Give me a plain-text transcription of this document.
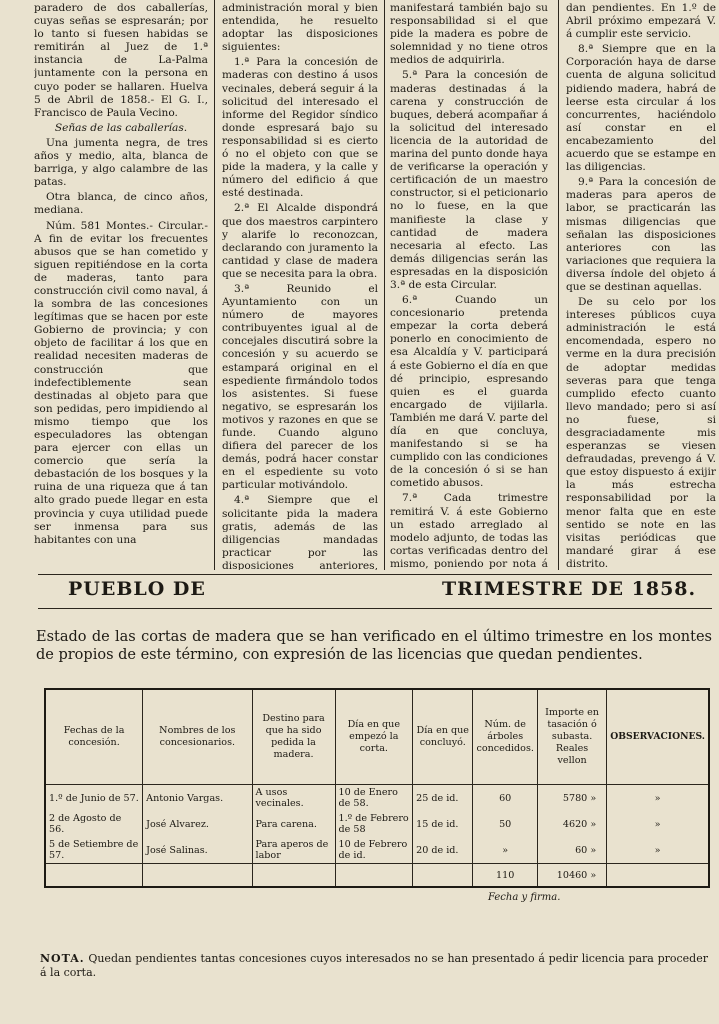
paradero de dos caballerías, cuyas señas se espresarán; por lo tanto si fuesen habidas se remitirán al Juez de 1.ª instancia de La-Palma juntamente con la persona en cuyo poder se hallaren. Huelva 5 de Abril de 1858.- El G. I., Francisco de Paula Vecino.

Señas de las caballerías.

Una jumenta negra, de tres años y medio, alta, blanca de barriga, y algo calambre de las patas.

Otra blanca, de cinco años, mediana.

Núm. 581 Montes.- Circular.- A fin de evitar los frecuentes abusos que se han cometido y siguen repitiéndose en la corta de maderas, tanto para construcción civil como naval, á la sombra de las concesiones legítimas que se hacen por este Gobierno de provincia; y con objeto de facilitar á los que en realidad necesiten maderas de construcción que indefectiblemente sean destinadas al objeto para que son pedidas, pero impidiendo al mismo tiempo que los especuladores las obtengan para ejercer con ellas un comercio que sería la debastación de los bosques y la ruina de una riqueza que á tan alto grado puede llegar en esta provincia y cuya utilidad puede ser inmensa para sus habitantes con una

administración moral y bien entendida, he resuelto adoptar las disposiciones siguientes:

1.ª Para la concesión de maderas con destino á usos vecinales, deberá seguir á la solicitud del interesado el informe del Regidor síndico donde espresará bajo su responsabilidad si es cierto ó no el objeto con que se pide la madera, y la calle y número del edificio á que esté destinada.

2.ª El Alcalde dispondrá que dos maestros carpintero y alarife lo reconozcan, declarando con juramento la cantidad y clase de madera que se necesita para la obra.

3.ª Reunido el Ayuntamiento con un número de mayores contribuyentes igual al de concejales discutirá sobre la concesión y su acuerdo se estampará original en el espediente firmándolo todos los asistentes. Si fuese negativo, se espresarán los motivos y razones en que se funde. Cuando alguno difiera del parecer de los demás, podrá hacer constar en el espediente su voto particular motivándolo.

4.ª Siempre que el solicitante pida la madera gratis, además de las diligencias mandadas practicar por las disposiciones anteriores,

manifestará también bajo su responsabilidad si el que pide la madera es pobre de solemnidad y no tiene otros medios de adquirirla.

5.ª Para la concesión de maderas destinadas á la carena y construcción de buques, deberá acompañar á la solicitud del interesado licencia de la autoridad de marina del punto donde haya de verificarse la operación y certificación de un maestro constructor, si el peticionario no lo fuese, en la que manifieste la clase y cantidad de madera necesaria al efecto. Las demás diligencias serán las espresadas en la disposición 3.ª de esta Circular.

6.ª Cuando un concesionario pretenda empezar la corta deberá ponerlo en conocimiento de esa Alcaldía y V. participará á este Gobierno el día en que dé principio, espresando quien es el guarda encargado de vijilarla. También me dará V. parte del día en que concluya, manifestando si se ha cumplido con las condiciones de la concesión ó si se han cometido abusos.

7.ª Cada trimestre remitirá V. á este Gobierno un estado arreglado al modelo adjunto, de todas las cortas verificadas dentro del mismo, poniendo por nota á

dan pendientes. En 1.º de Abril próximo empezará V. á cumplir este servicio.

8.ª Siempre que en la Corporación haya de darse cuenta de alguna solicitud pidiendo madera, habrá de leerse esta circular á los concurrentes, haciéndolo así constar en el encabezamiento del acuerdo que se estampe en las diligencias.

9.ª Para la concesión de maderas para aperos de labor, se practicarán las mismas diligencias que señalan las disposiciones anteriores con las variaciones que requiera la diversa índole del objeto á que se destinan aquellas.

De su celo por los intereses públicos cuya administración le está encomendada, espero no verme en la dura precisión de adoptar medidas severas para que tenga cumplido efecto cuanto llevo mandado; pero si así no fuese, si desgraciadamente mis esperanzas se viesen defraudadas, prevengo á V. que estoy dispuesto á exijir la más estrecha responsabilidad por la menor falta que en este sentido se note en las visitas periódicas que mandaré girar á ese distrito.

PUEBLO DE	TRIMESTRE DE 1858.
Estado de las cortas de madera que se han verificado en el último trimestre en los montes de propios de este término, con expresión de las licencias que quedan pendientes.
Fechas de la concesión.	Nombres de los concesionarios.	Destino para que ha sido pedida la madera.	Día en que empezó la corta.	Día en que concluyó.	Núm. de árboles concedidos.	Importe en tasación ó subasta. Reales vellon	OBSERVACIONES.
1.º de Junio de 57.	Antonio Vargas.	A usos vecinales.	10 de Enero de 58.	25 de id.	60	5780 »	»
2 de Agosto de 56.	José Alvarez.	Para carena.	1.º de Febrero de 58	15 de id.	50	4620 »	»
5 de Setiembre de 57.	José Salinas.	Para aperos de labor	10 de Febrero de id.	20 de id.	»	60 »	»
					110	10460 »	
Fecha y firma.
NOTA. Quedan pendientes tantas concesiones cuyos interesados no se han presentado á pedir licencia para proceder á la corta.
